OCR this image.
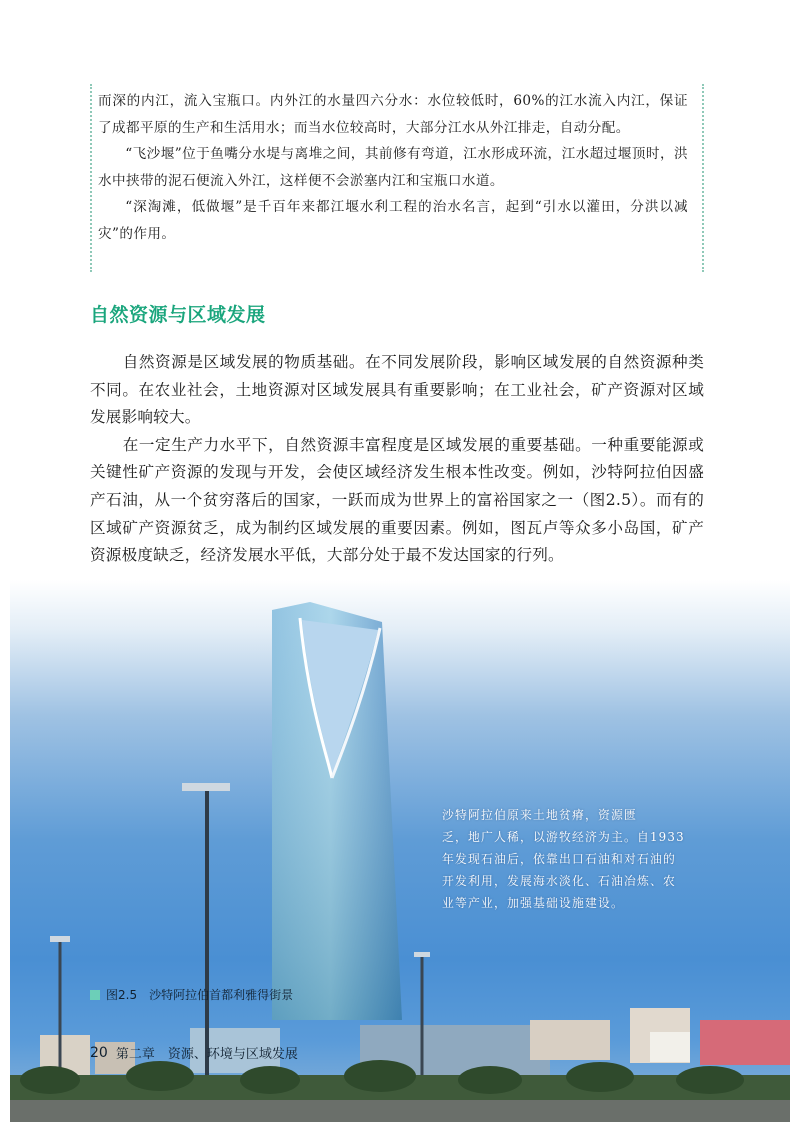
而深的内江，流入宝瓶口。内外江的水量四六分水：水位较低时，60%的江水流入内江，保证了成都平原的生产和生活用水；而当水位较高时，大部分江水从外江排走，自动分配。

“飞沙堰”位于鱼嘴分水堤与离堆之间，其前修有弯道，江水形成环流，江水超过堰顶时，洪水中挟带的泥石便流入外江，这样便不会淤塞内江和宝瓶口水道。

“深淘滩，低做堰”是千百年来都江堰水利工程的治水名言，起到“引水以灌田，分洪以减灾”的作用。

自然资源与区域发展

自然资源是区域发展的物质基础。在不同发展阶段，影响区域发展的自然资源种类不同。在农业社会，土地资源对区域发展具有重要影响；在工业社会，矿产资源对区域发展影响较大。

在一定生产力水平下，自然资源丰富程度是区域发展的重要基础。一种重要能源或关键性矿产资源的发现与开发，会使区域经济发生根本性改变。例如，沙特阿拉伯因盛产石油，从一个贫穷落后的国家，一跃而成为世界上的富裕国家之一（图2.5）。而有的区域矿产资源贫乏，成为制约区域发展的重要因素。例如，图瓦卢等众多小岛国，矿产资源极度缺乏，经济发展水平低，大部分处于最不发达国家的行列。

沙特阿拉伯原来土地贫瘠，资源匮
乏，地广人稀，以游牧经济为主。自1933
年发现石油后，依靠出口石油和对石油的
开发利用，发展海水淡化、石油冶炼、农
业等产业，加强基础设施建设。
图2.5　沙特阿拉伯首都利雅得街景
20 第二章　资源、环境与区域发展
